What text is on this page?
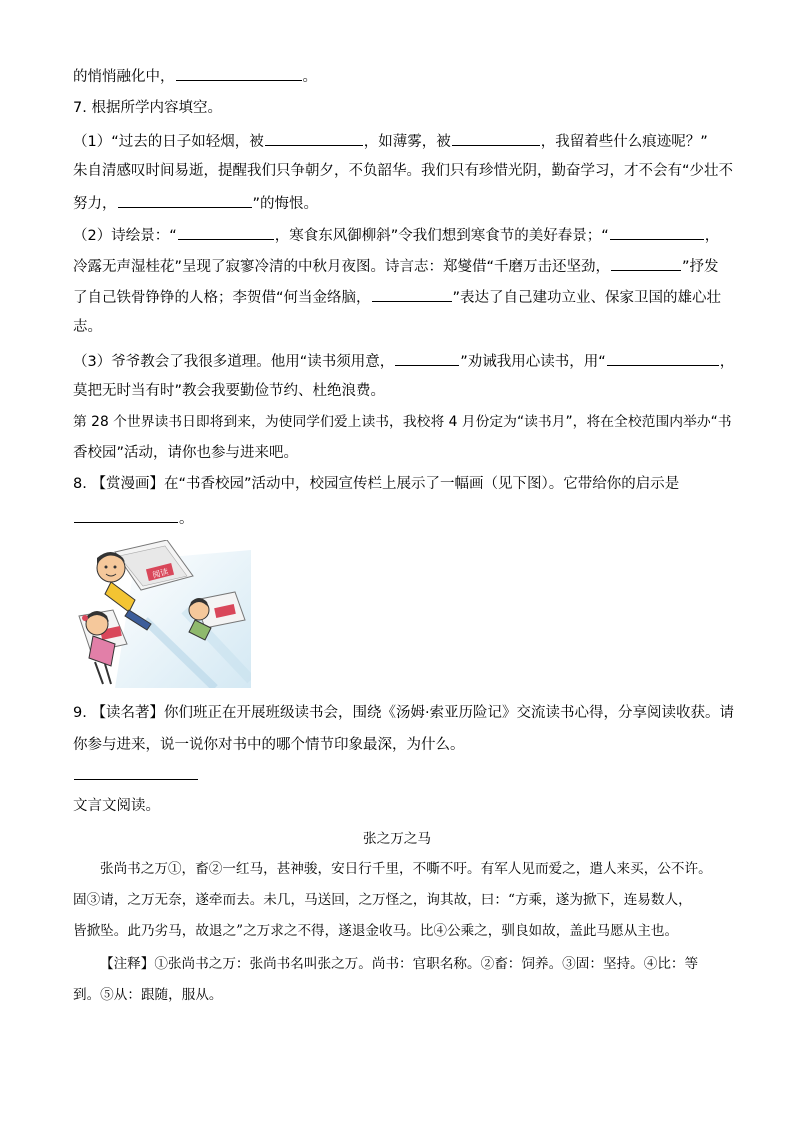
的悄悄融化中，	。
7. 根据所学内容填空。
（1）“过去的日子如轻烟，被	，如薄雾，被	，我留着些什么痕迹呢？”
朱自清感叹时间易逝，提醒我们只争朝夕，不负韶华。我们只有珍惜光阴，勤奋学习，才不会有“少壮不
努力，	”的悔恨。
（2）诗绘景：“	，寒食东风御柳斜”令我们想到寒食节的美好春景；“	，
冷露无声湿桂花”呈现了寂寥冷清的中秋月夜图。诗言志：郑燮借“千磨万击还坚劲，	”抒发
了自己铁骨铮铮的人格；李贺借“何当金络脑，	”表达了自己建功立业、保家卫国的雄心壮
志。
（3）爷爷教会了我很多道理。他用“读书须用意，	”劝诫我用心读书，用“	，
莫把无时当有时”教会我要勤俭节约、杜绝浪费。
第 28 个世界读书日即将到来，为使同学们爱上读书，我校将 4 月份定为“读书月”，将在全校范围内举办“书
香校园”活动，请你也参与进来吧。
8. 【赏漫画】在“书香校园”活动中，校园宣传栏上展示了一幅画（见下图）。它带给你的启示是
。
阅读
9. 【读名著】你们班正在开展班级读书会，围绕《汤姆·索亚历险记》交流读书心得，分享阅读收获。请
你参与进来，说一说你对书中的哪个情节印象最深，为什么。
文言文阅读。
张之万之马
张尚书之万①，畜②一红马，甚神骏，安日行千里，不嘶不吁。有军人见而爱之，遣人来买，公不许。
固③请，之万无奈，遂牵而去。未几，马送回，之万怪之，询其故，曰：“方乘，遂为掀下，连易数人，
皆掀坠。此乃劣马，故退之”之万求之不得，遂退金收马。比④公乘之，驯良如故，盖此马愿从主也。
【注释】①张尚书之万：张尚书名叫张之万。尚书：官职名称。②畜：饲养。③固：坚持。④比：等
到。⑤从：跟随，服从。
